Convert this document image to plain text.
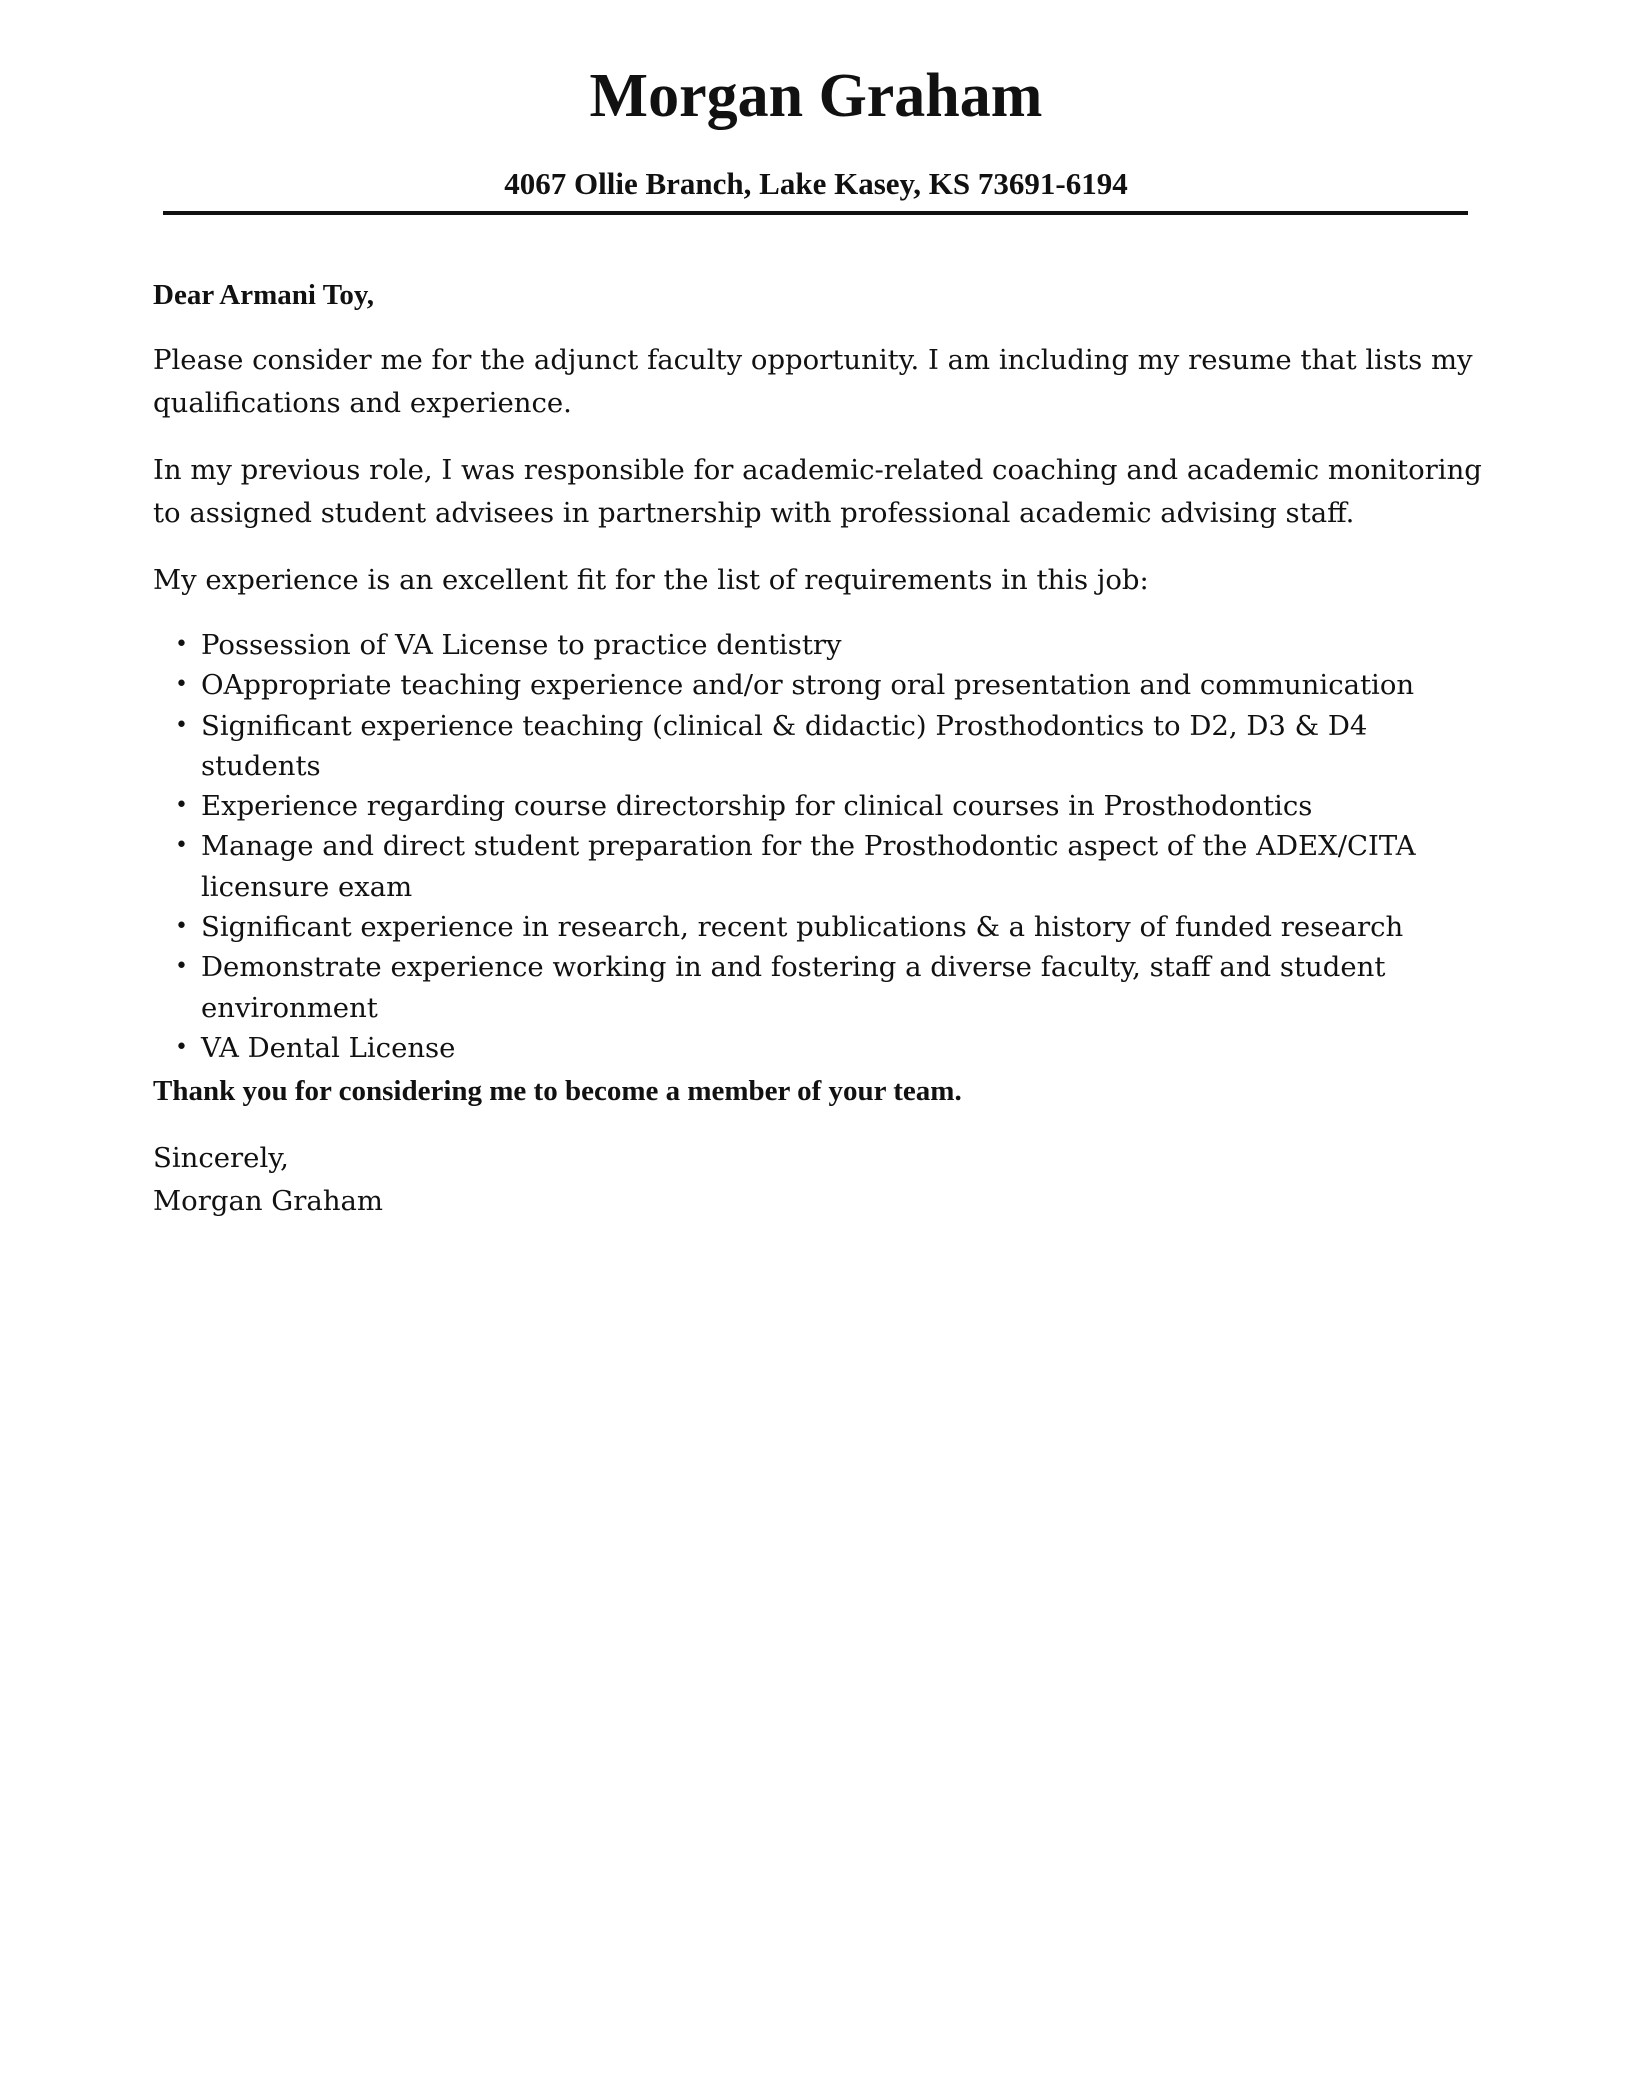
Morgan Graham

4067 Ollie Branch, Lake Kasey, KS 73691-6194

Dear Armani Toy,

Please consider me for the adjunct faculty opportunity. I am including my resume that lists my qualifications and experience.

In my previous role, I was responsible for academic-related coaching and academic monitoring to assigned student advisees in partnership with professional academic advising staff.

My experience is an excellent fit for the list of requirements in this job:

• Possession of VA License to practice dentistry
• OAppropriate teaching experience and/or strong oral presentation and communication
• Significant experience teaching (clinical & didactic) Prosthodontics to D2, D3 & D4 students
• Experience regarding course directorship for clinical courses in Prosthodontics
• Manage and direct student preparation for the Prosthodontic aspect of the ADEX/CITA licensure exam
• Significant experience in research, recent publications & a history of funded research
• Demonstrate experience working in and fostering a diverse faculty, staff and student environment
• VA Dental License

Thank you for considering me to become a member of your team.

Sincerely,
Morgan Graham
